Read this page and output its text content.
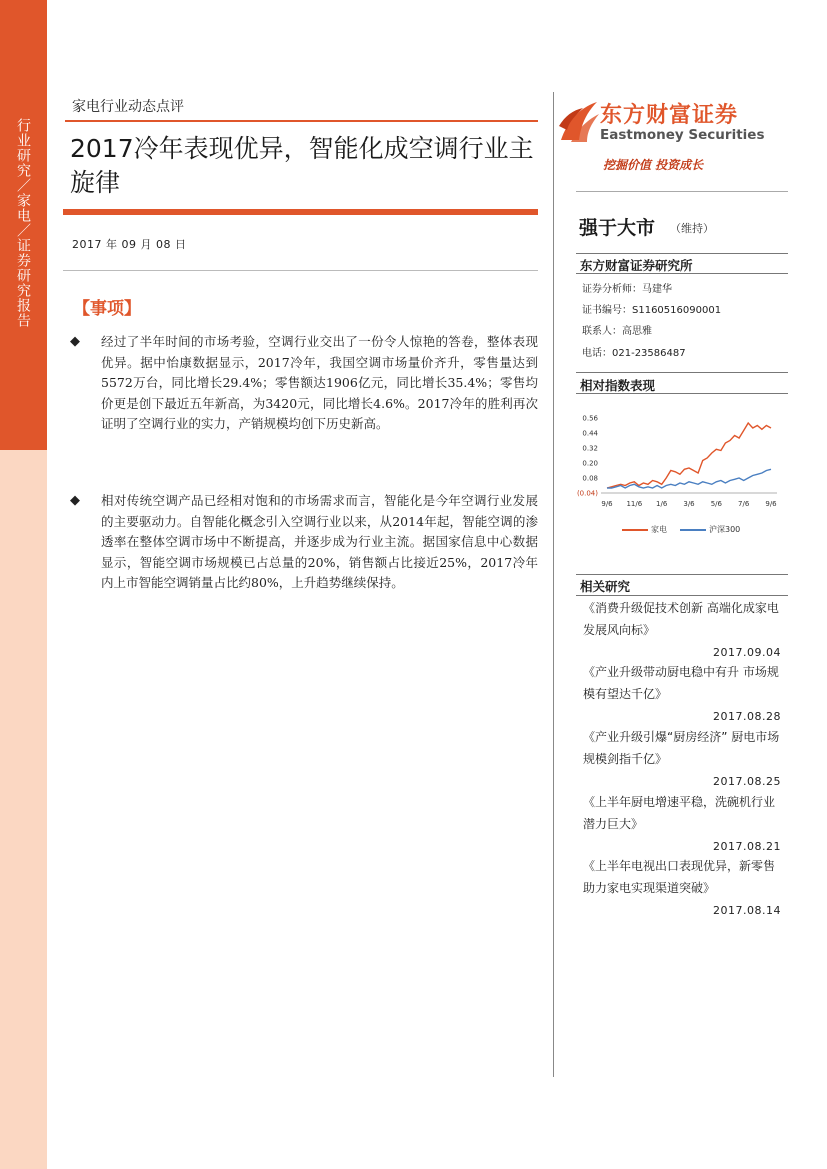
行业研究／家电／证券研究报告
家电行业动态点评
2017冷年表现优异，智能化成空调行业主旋律
2017 年 09 月 08 日
【事项】
◆ 经过了半年时间的市场考验，空调行业交出了一份令人惊艳的答卷，整体表现优异。据中怡康数据显示，2017冷年，我国空调市场量价齐升，零售量达到5572万台，同比增长29.4%；零售额达1906亿元，同比增长35.4%；零售均价更是创下最近五年新高，为3420元，同比增长4.6%。2017冷年的胜利再次证明了空调行业的实力，产销规模均创下历史新高。
◆ 相对传统空调产品已经相对饱和的市场需求而言，智能化是今年空调行业发展的主要驱动力。自智能化概念引入空调行业以来，从2014年起，智能空调的渗透率在整体空调市场中不断提高，并逐步成为行业主流。据国家信息中心数据显示，智能空调市场规模已占总量的20%，销售额占比接近25%，2017冷年内上市智能空调销量占比约80%，上升趋势继续保持。
东方财富证券
Eastmoney Securities
挖掘价值 投资成长
强于大市 （维持）
东方财富证券研究所
证券分析师：马建华
证书编号：S1160516090001
联系人：高思雅
电话：021-23586487
相对指数表现
0.56
0.44
0.32
0.20
0.08
(0.04)
9/6 11/6 1/6 3/6 5/6 7/6 9/6
家电	沪深300
相关研究
《消费升级促技术创新 高端化成家电发展风向标》
2017.09.04
《产业升级带动厨电稳中有升 市场规模有望达千亿》
2017.08.28
《产业升级引爆“厨房经济” 厨电市场规模剑指千亿》
2017.08.25
《上半年厨电增速平稳，洗碗机行业潜力巨大》
2017.08.21
《上半年电视出口表现优异，新零售助力家电实现渠道突破》
2017.08.14
